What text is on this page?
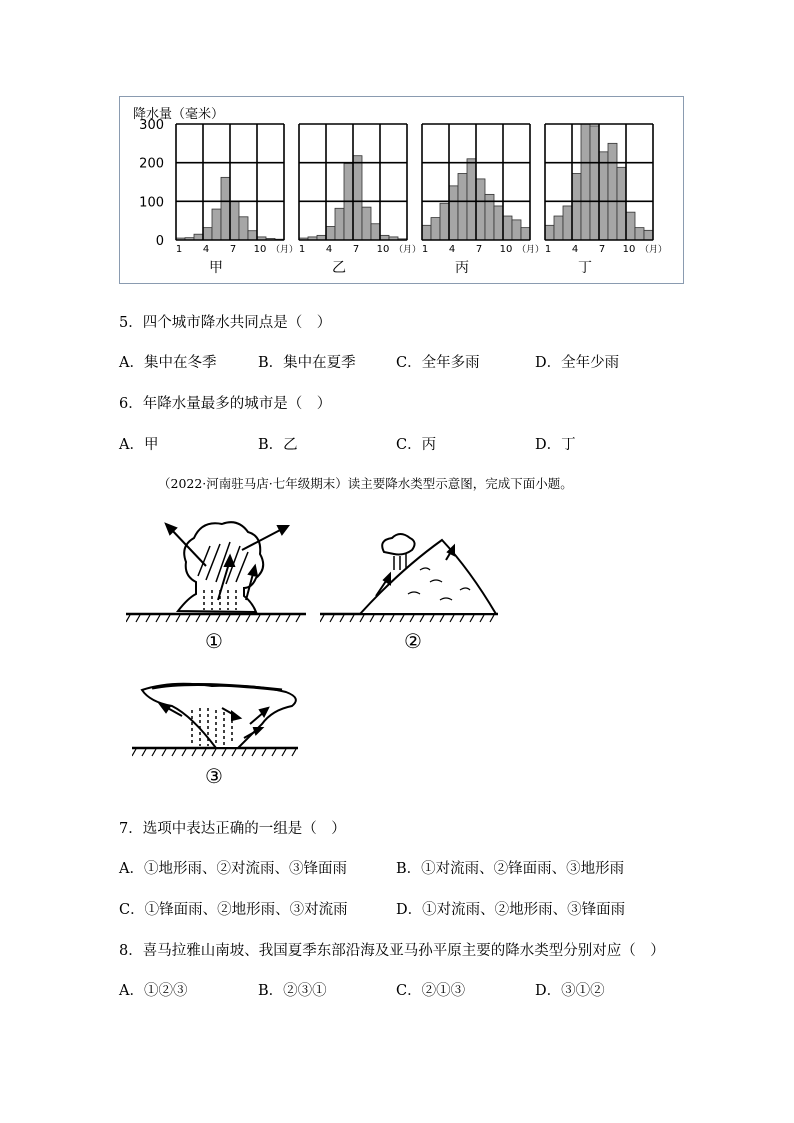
降水量（毫米）
300
200
100
0
1 4 7 10 （月）
甲
1 4 7 10 （月）
乙
1 4 7 10 （月）
丙
1 4 7 10 （月）
丁
5．四个城市降水共同点是（　）
A．集中在冬季	B．集中在夏季	C．全年多雨	D．全年少雨
6．年降水量最多的城市是（　）
A．甲	B．乙	C．丙	D．丁
（2022·河南驻马店·七年级期末）读主要降水类型示意图，完成下面小题。
①	②
③
7．选项中表达正确的一组是（　）
A．①地形雨、②对流雨、③锋面雨	B．①对流雨、②锋面雨、③地形雨
C．①锋面雨、②地形雨、③对流雨	D．①对流雨、②地形雨、③锋面雨
8．喜马拉雅山南坡、我国夏季东部沿海及亚马孙平原主要的降水类型分别对应（　）
A．①②③	B．②③①	C．②①③	D．③①②
